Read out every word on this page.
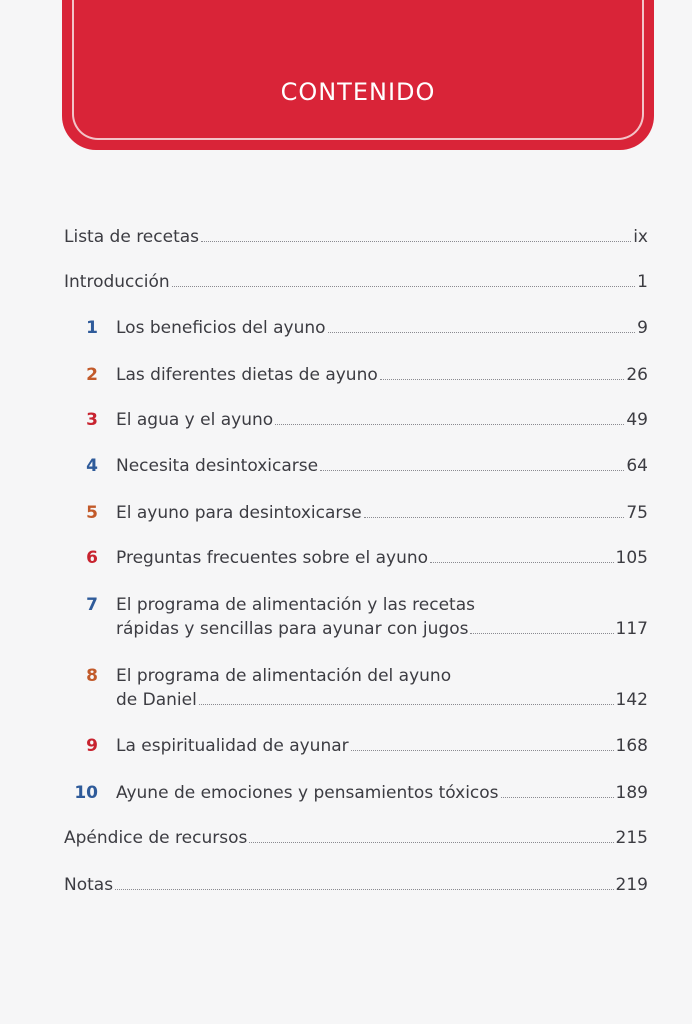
CONTENIDO
Lista de recetas	ix
Introducción	1
1 Los beneficios del ayuno	9
2 Las diferentes dietas de ayuno	26
3 El agua y el ayuno	49
4 Necesita desintoxicarse	64
5 El ayuno para desintoxicarse	75
6 Preguntas frecuentes sobre el ayuno	105
7 El programa de alimentación y las recetas
rápidas y sencillas para ayunar con jugos	117
8 El programa de alimentación del ayuno
de Daniel	142
9 La espiritualidad de ayunar	168
10 Ayune de emociones y pensamientos tóxicos	189
Apéndice de recursos	215
Notas	219
